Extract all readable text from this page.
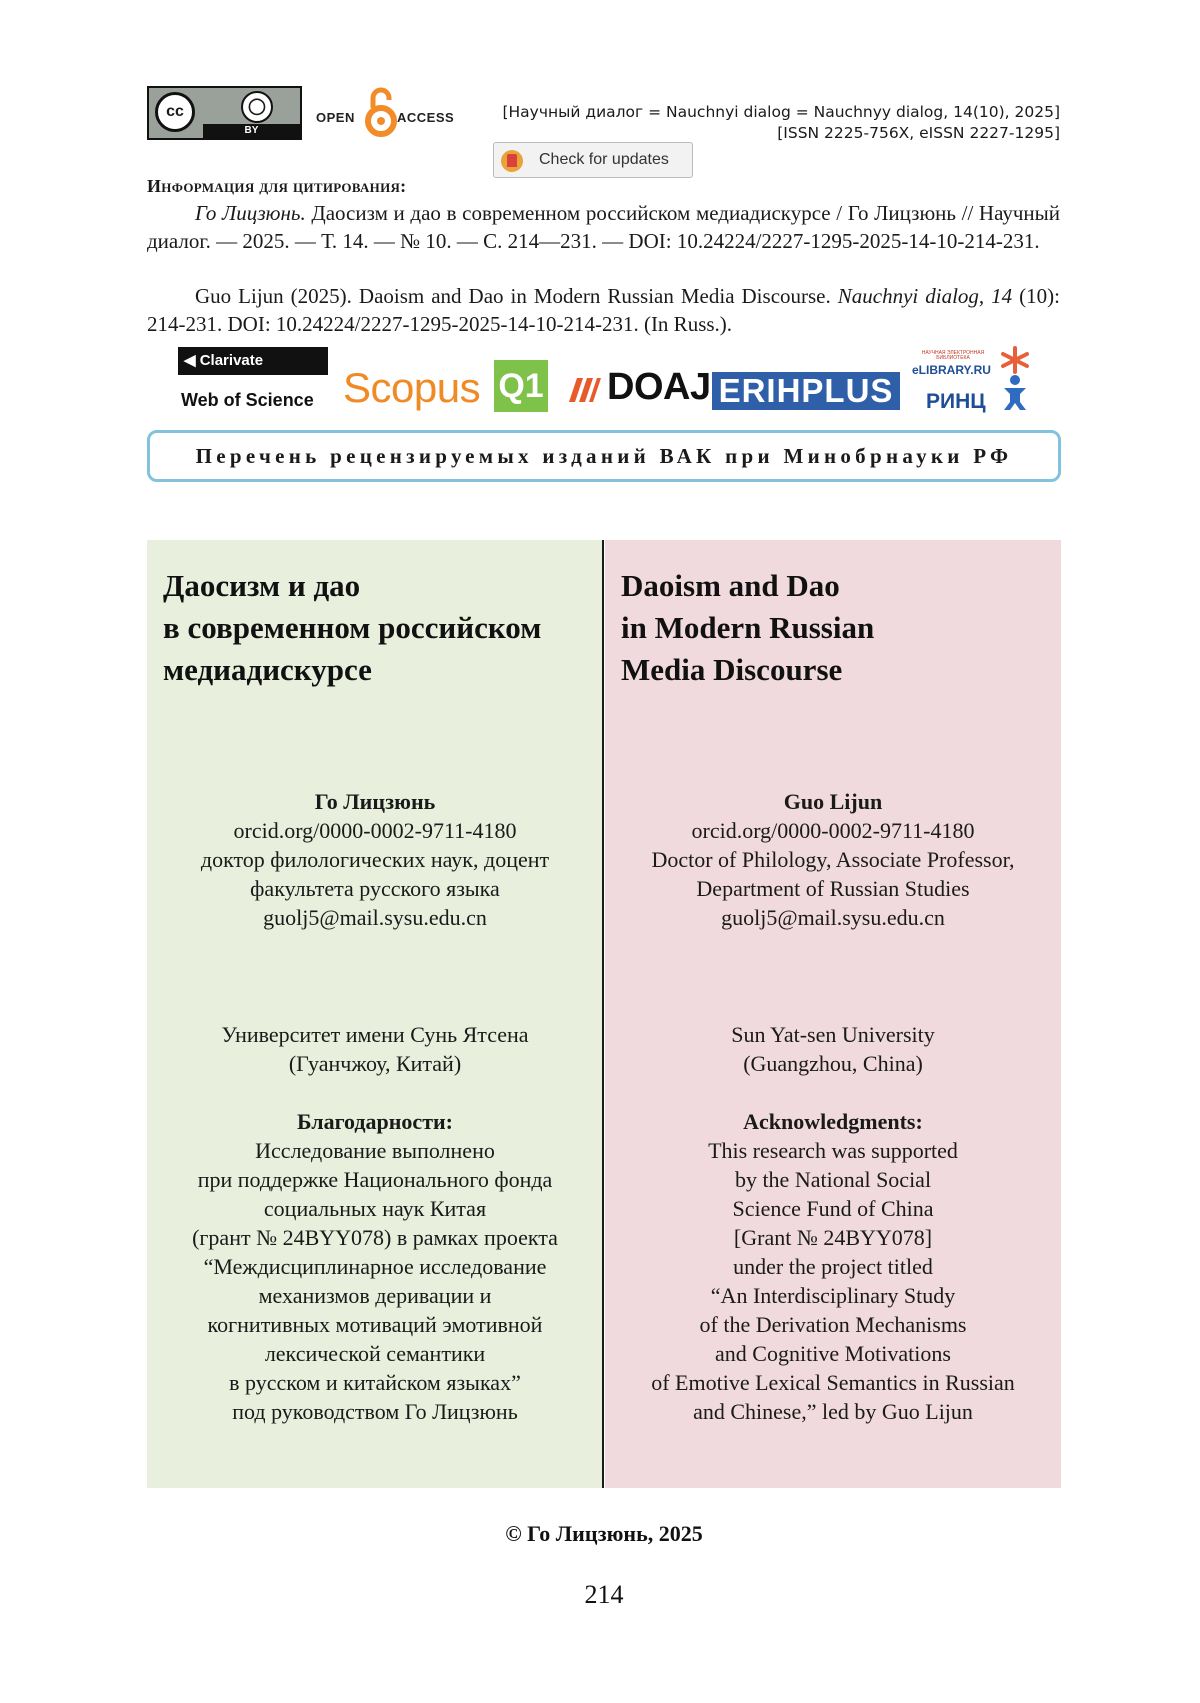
cc	◯
BY
OPEN	ACCESS	[Научный диалог = Nauchnyi dialog = Nauchnyy dialog, 14(10), 2025]
[ISSN 2225-756X, eISSN 2227-1295]
Check for updates
Информация для цитирования:
Го Лицзюнь. Даосизм и дао в современном российском медиадискурсе / Го Лицзюнь // Научный диалог. — 2025. — Т. 14. — № 10. — С. 214—231. — DOI: 10.24224/2227-1295-2025-14-10-214-231.
Guo Lijun (2025). Daoism and Dao in Modern Russian Media Discourse. Nauchnyi dialog, 14 (10): 214-231. DOI: 10.24224/2227-1295-2025-14-10-214-231. (In Russ.).
◀ Clarivate
Web of Science Scopus Q1 DOAJ ERIHPLUS
НАУЧНАЯ ЭЛЕКТРОННАЯ БИБЛИОТЕКА
eLIBRARY.RU
РИНЦ
Перечень рецензируемых изданий ВАК при Минобрнауки РФ
Даосизм и дао
в современном российском
медиадискурсе
Daoism and Dao
in Modern Russian
Media Discourse
Го Лицзюнь
orcid.org/0000-0002-9711-4180
доктор филологических наук, доцент
факультета русского языка
guolj5@mail.sysu.edu.cn
Guo Lijun
orcid.org/0000-0002-9711-4180
Doctor of Philology, Associate Professor,
Department of Russian Studies
guolj5@mail.sysu.edu.cn
Университет имени Сунь Ятсена
(Гуанчжоу, Китай)
Sun Yat-sen University
(Guangzhou, China)
Благодарности:
Исследование выполнено
при поддержке Национального фонда
социальных наук Китая
(грант № 24BYY078) в рамках проекта
“Междисциплинарное исследование
механизмов деривации и
когнитивных мотиваций эмотивной
лексической семантики
в русском и китайском языках”
под руководством Го Лицзюнь
Acknowledgments:
This research was supported
by the National Social
Science Fund of China
[Grant № 24BYY078]
under the project titled
“An Interdisciplinary Study
of the Derivation Mechanisms
and Cognitive Motivations
of Emotive Lexical Semantics in Russian
and Chinese,” led by Guo Lijun
© Го Лицзюнь, 2025
214
